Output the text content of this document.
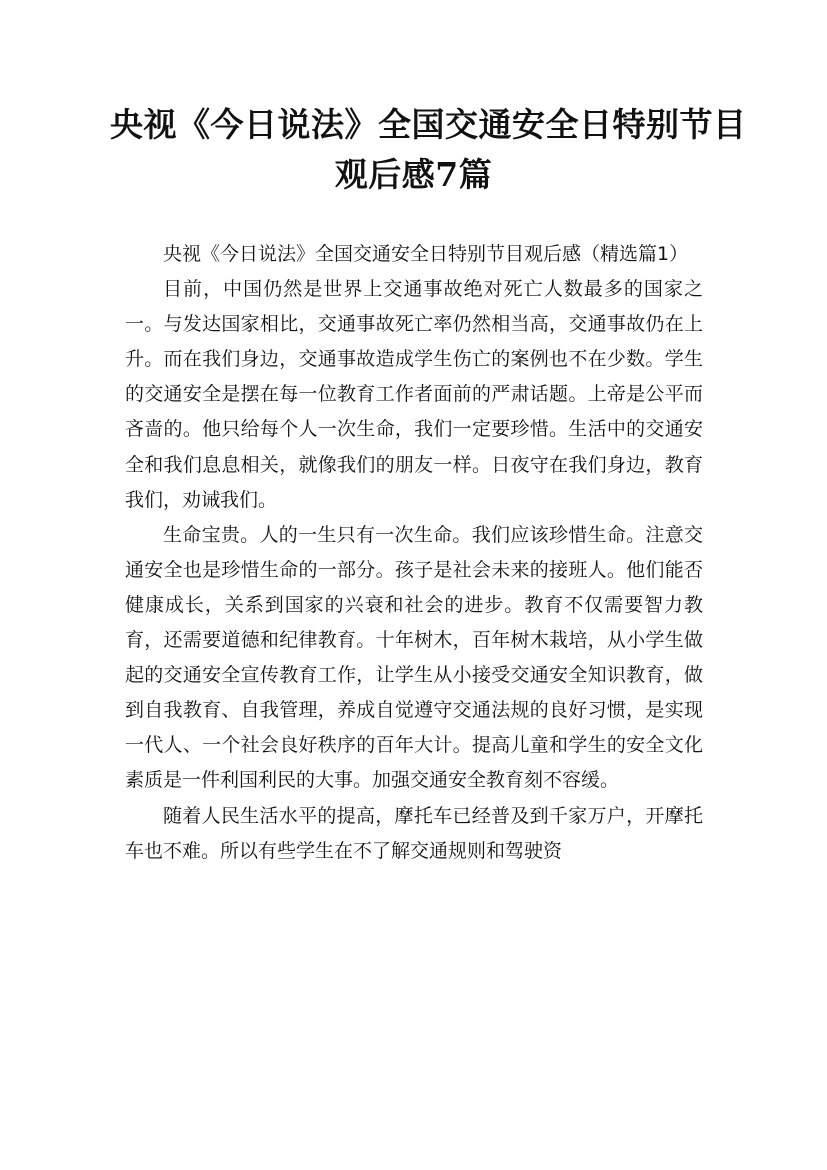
央视《今日说法》全国交通安全日特别节目
观后感7篇

央视《今日说法》全国交通安全日特别节目观后感（精选篇1）

目前，中国仍然是世界上交通事故绝对死亡人数最多的国家之一。与发达国家相比，交通事故死亡率仍然相当高，交通事故仍在上升。而在我们身边，交通事故造成学生伤亡的案例也不在少数。学生的交通安全是摆在每一位教育工作者面前的严肃话题。上帝是公平而吝啬的。他只给每个人一次生命，我们一定要珍惜。生活中的交通安全和我们息息相关，就像我们的朋友一样。日夜守在我们身边，教育我们，劝诫我们。

生命宝贵。人的一生只有一次生命。我们应该珍惜生命。注意交通安全也是珍惜生命的一部分。孩子是社会未来的接班人。他们能否健康成长，关系到国家的兴衰和社会的进步。教育不仅需要智力教育，还需要道德和纪律教育。十年树木，百年树木栽培，从小学生做起的交通安全宣传教育工作，让学生从小接受交通安全知识教育，做到自我教育、自我管理，养成自觉遵守交通法规的良好习惯，是实现一代人、一个社会良好秩序的百年大计。提高儿童和学生的安全文化素质是一件利国利民的大事。加强交通安全教育刻不容缓。

随着人民生活水平的提高，摩托车已经普及到千家万户，开摩托车也不难。所以有些学生在不了解交通规则和驾驶资
